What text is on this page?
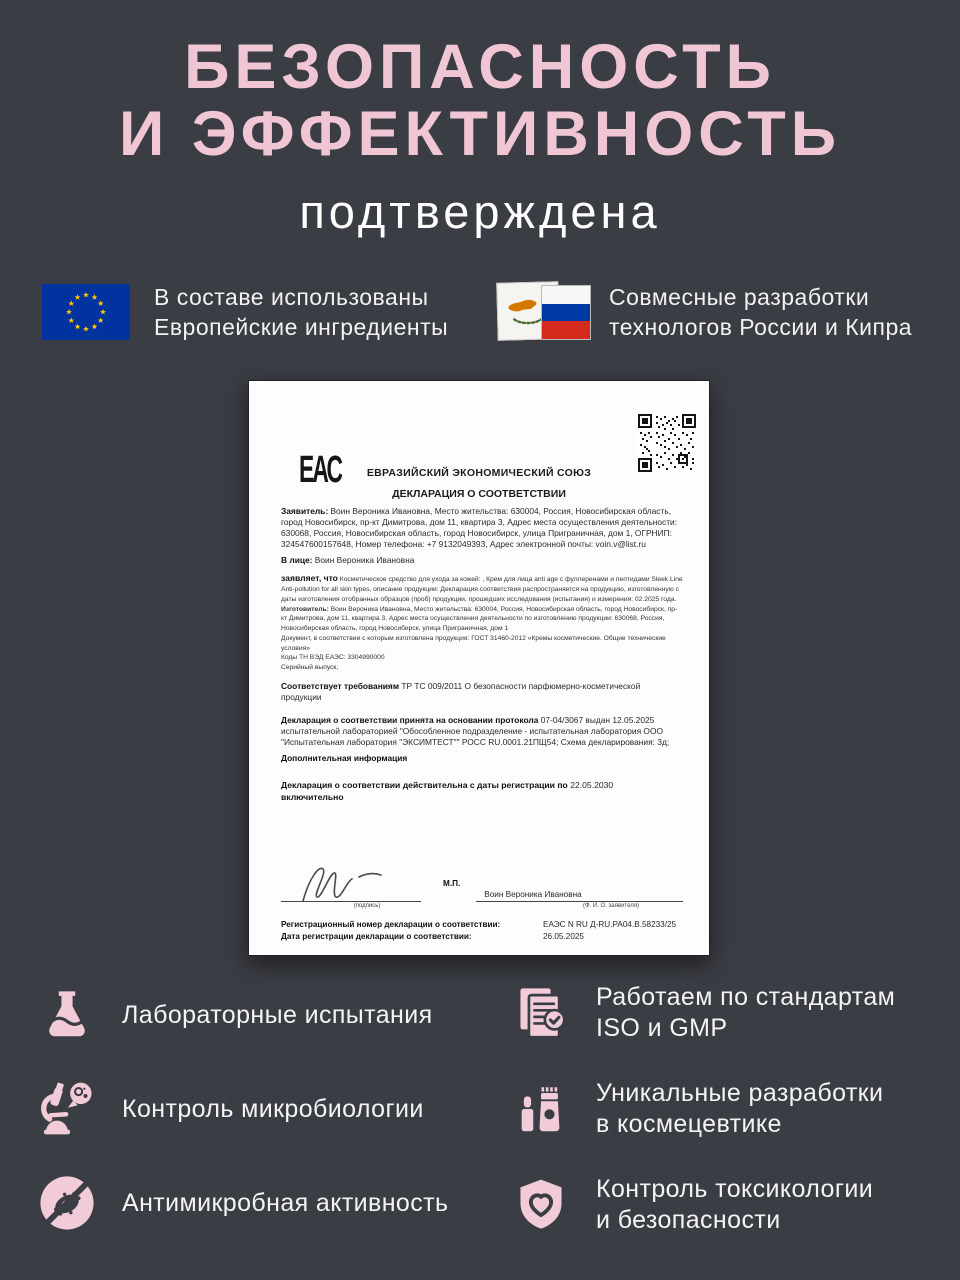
БЕЗОПАСНОСТЬ
И ЭФФЕКТИВНОСТЬ
подтверждена
В составе использованы
Европейские ингредиенты
Совмесные разработки
технологов России и Кипра
ЕАС	ЕВРАЗИЙСКИЙ ЭКОНОМИЧЕСКИЙ СОЮЗ
ДЕКЛАРАЦИЯ О СООТВЕТСТВИИ
Заявитель: Воин Вероника Ивановна, Место жительства: 630004, Россия, Новосибирская область, город Новосибирск, пр-кт Димитрова, дом 11, квартира 3, Адрес места осуществления деятельности: 630068, Россия, Новосибирская область, город Новосибирск, улица Приграничная, дом 1, ОГРНИП: 324547600157648, Номер телефона: +7 9132049393, Адрес электронной почты: voin.v@list.ru
В лице: Воин Вероника Ивановна
заявляет, что Косметическое средство для ухода за кожей: , Крем для лица anti age с фуллеренами и пептидами Sleek Line Anti-pollution for all skin types, описание продукции: Декларация соответствия распространяется на продукцию, изготовленную с даты изготовления отобранных образцов (проб) продукции, прошедших исследования (испытания) и измерения: 02.2025 года.
Изготовитель: Воин Вероника Ивановна, Место жительства: 630004, Россия, Новосибирская область, город Новосибирск, пр-кт Димитрова, дом 11, квартира 3, Адрес места осуществления деятельности по изготовлению продукции: 630068, Россия, Новосибирская область, город Новосибирск, улица Приграничная, дом 1
Документ, в соответствии с которым изготовлена продукция: ГОСТ 31460-2012 «Кремы косметические. Общие технические условия»
Коды ТН ВЭД ЕАЭС: 3304990000
Серийный выпуск,
Соответствует требованиям ТР ТС 009/2011 О безопасности парфюмерно-косметической продукции
Декларация о соответствии принята на основании протокола 07-04/3067 выдан 12.05.2025 испытательной лабораторией "Обособленное подразделение - испытательная лаборатория ООО "Испытательная лаборатория "ЭКСИМТЕСТ"" РОСС RU.0001.21ПЩ54; Схема декларирования: 3д;
Дополнительная информация
Декларация о соответствии действительна с даты регистрации по 22.05.2030
включительно
М.П.
Воин Вероника Ивановна
(подпись)	(Ф. И. О. заявителя)
Регистрационный номер декларации о соответствии:	ЕАЭС N RU Д-RU.РА04.В.58233/25
Дата регистрации декларации о соответствии:	26.05.2025
Лабораторные испытания
Работаем по стандартам
ISO и GMP
Контроль микробиологии
Уникальные разработки
в космецевтике
Антимикробная активность	Контроль токсикологии
и безопасности
